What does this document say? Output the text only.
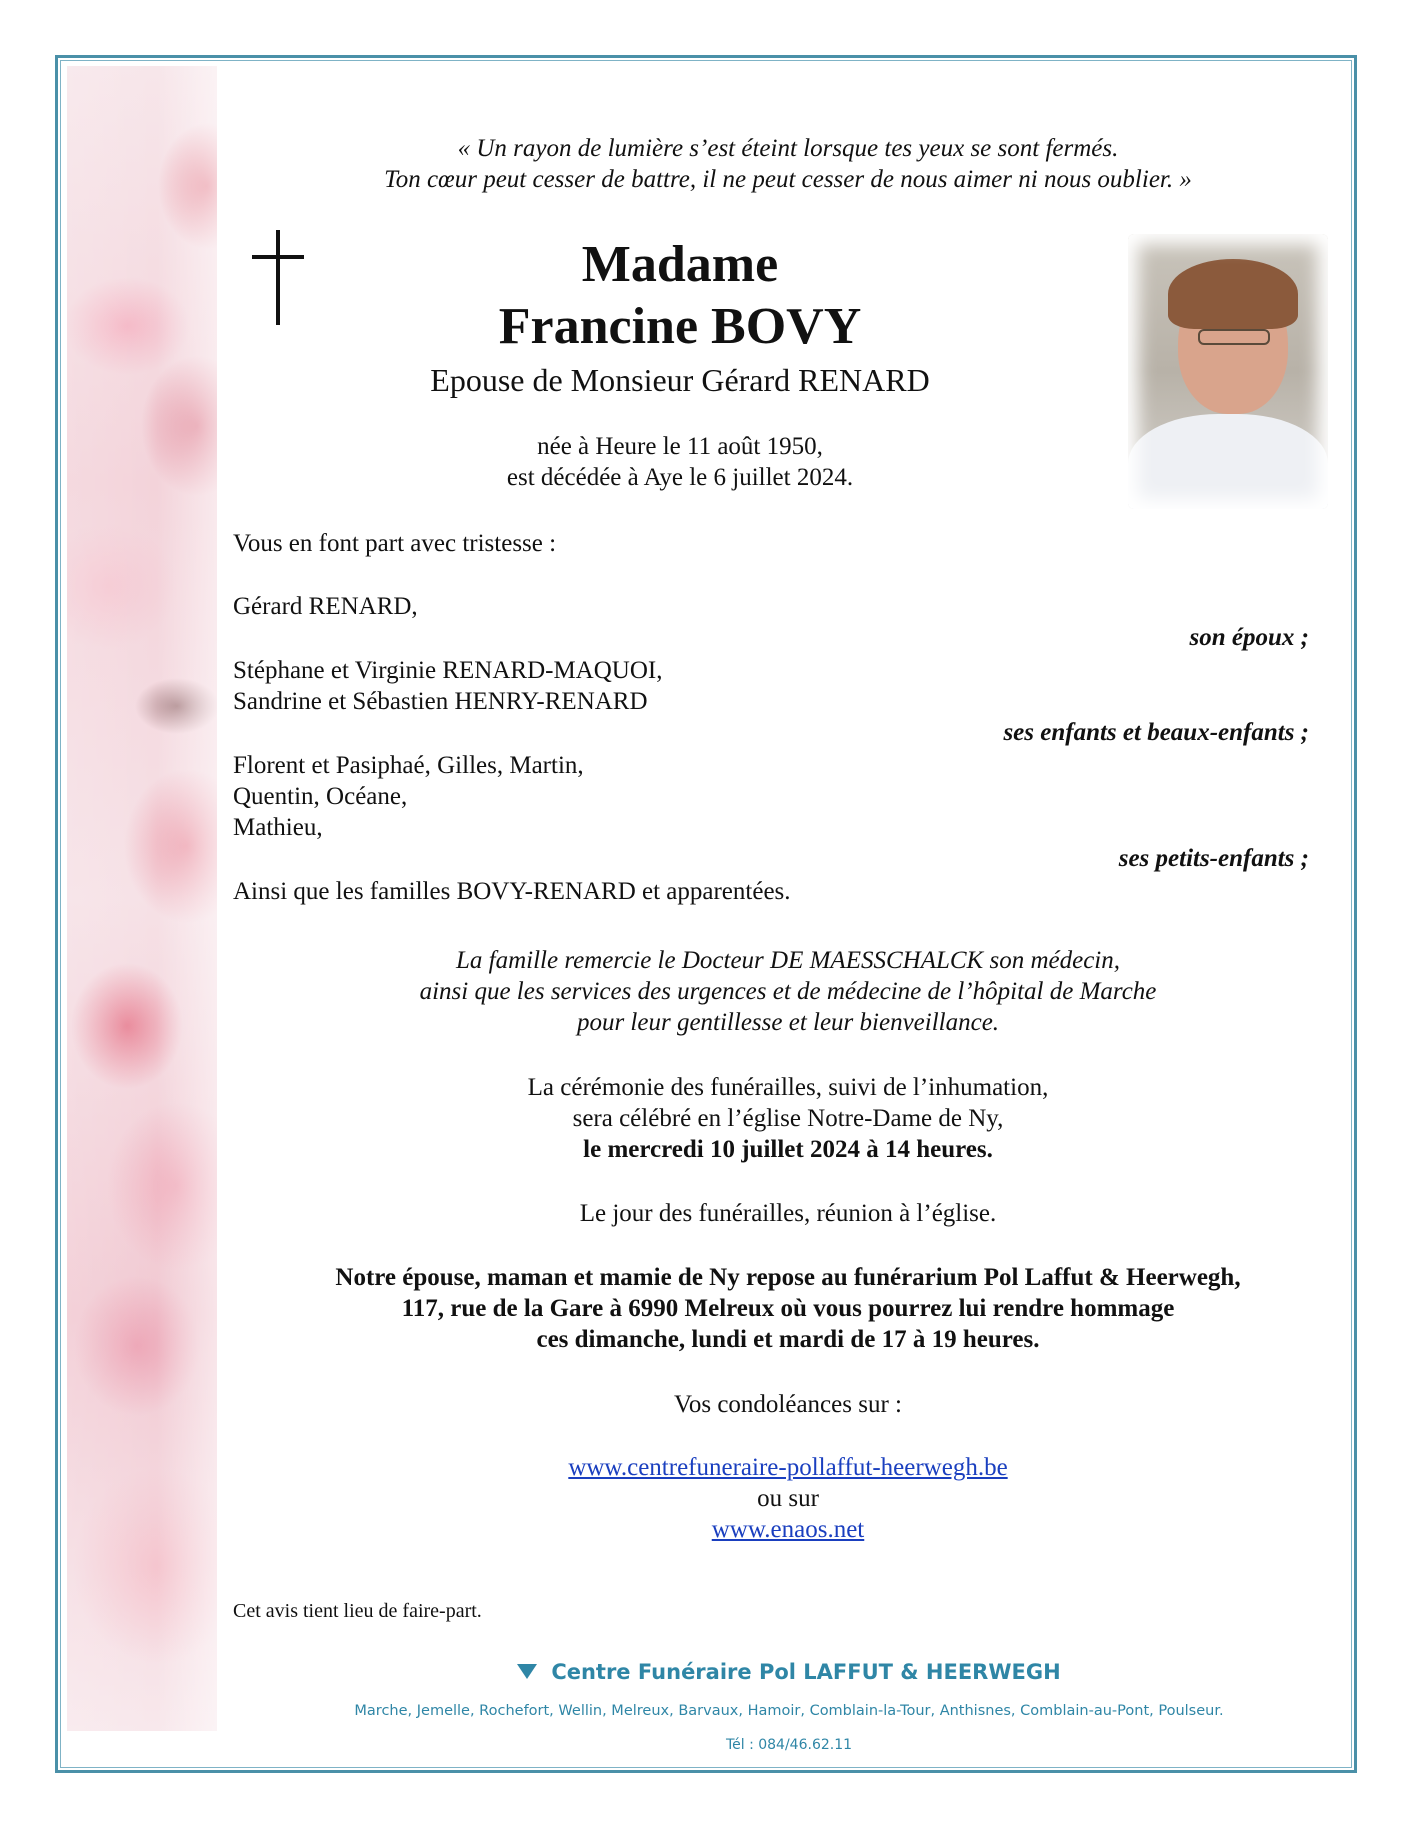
« Un rayon de lumière s’est éteint lorsque tes yeux se sont fermés.
Ton cœur peut cesser de battre, il ne peut cesser de nous aimer ni nous oublier. »
Madame
Francine BOVY
Epouse de Monsieur Gérard RENARD
née à Heure le 11 août 1950,
est décédée à Aye le 6 juillet 2024.
Vous en font part avec tristesse :
Gérard RENARD,
son époux ;
Stéphane et Virginie RENARD-MAQUOI,
Sandrine et Sébastien HENRY-RENARD
ses enfants et beaux-enfants ;
Florent et Pasiphaé, Gilles, Martin,
Quentin, Océane,
Mathieu,
ses petits-enfants ;
Ainsi que les familles BOVY-RENARD et apparentées.
La famille remercie le Docteur DE MAESSCHALCK son médecin,
ainsi que les services des urgences et de médecine de l’hôpital de Marche
pour leur gentillesse et leur bienveillance.
La cérémonie des funérailles, suivi de l’inhumation,
sera célébré en l’église Notre-Dame de Ny,
le mercredi 10 juillet 2024 à 14 heures.
Le jour des funérailles, réunion à l’église.
Notre épouse, maman et mamie de Ny repose au funérarium Pol Laffut & Heerwegh,
117, rue de la Gare à 6990 Melreux où vous pourrez lui rendre hommage
ces dimanche, lundi et mardi de 17 à 19 heures.
Vos condoléances sur :
www.centrefuneraire-pollaffut-heerwegh.be
ou sur
www.enaos.net
Cet avis tient lieu de faire-part.
Centre Funéraire Pol LAFFUT & HEERWEGH
Marche, Jemelle, Rochefort, Wellin, Melreux, Barvaux, Hamoir, Comblain-la-Tour, Anthisnes, Comblain-au-Pont, Poulseur.
Tél : 084/46.62.11
